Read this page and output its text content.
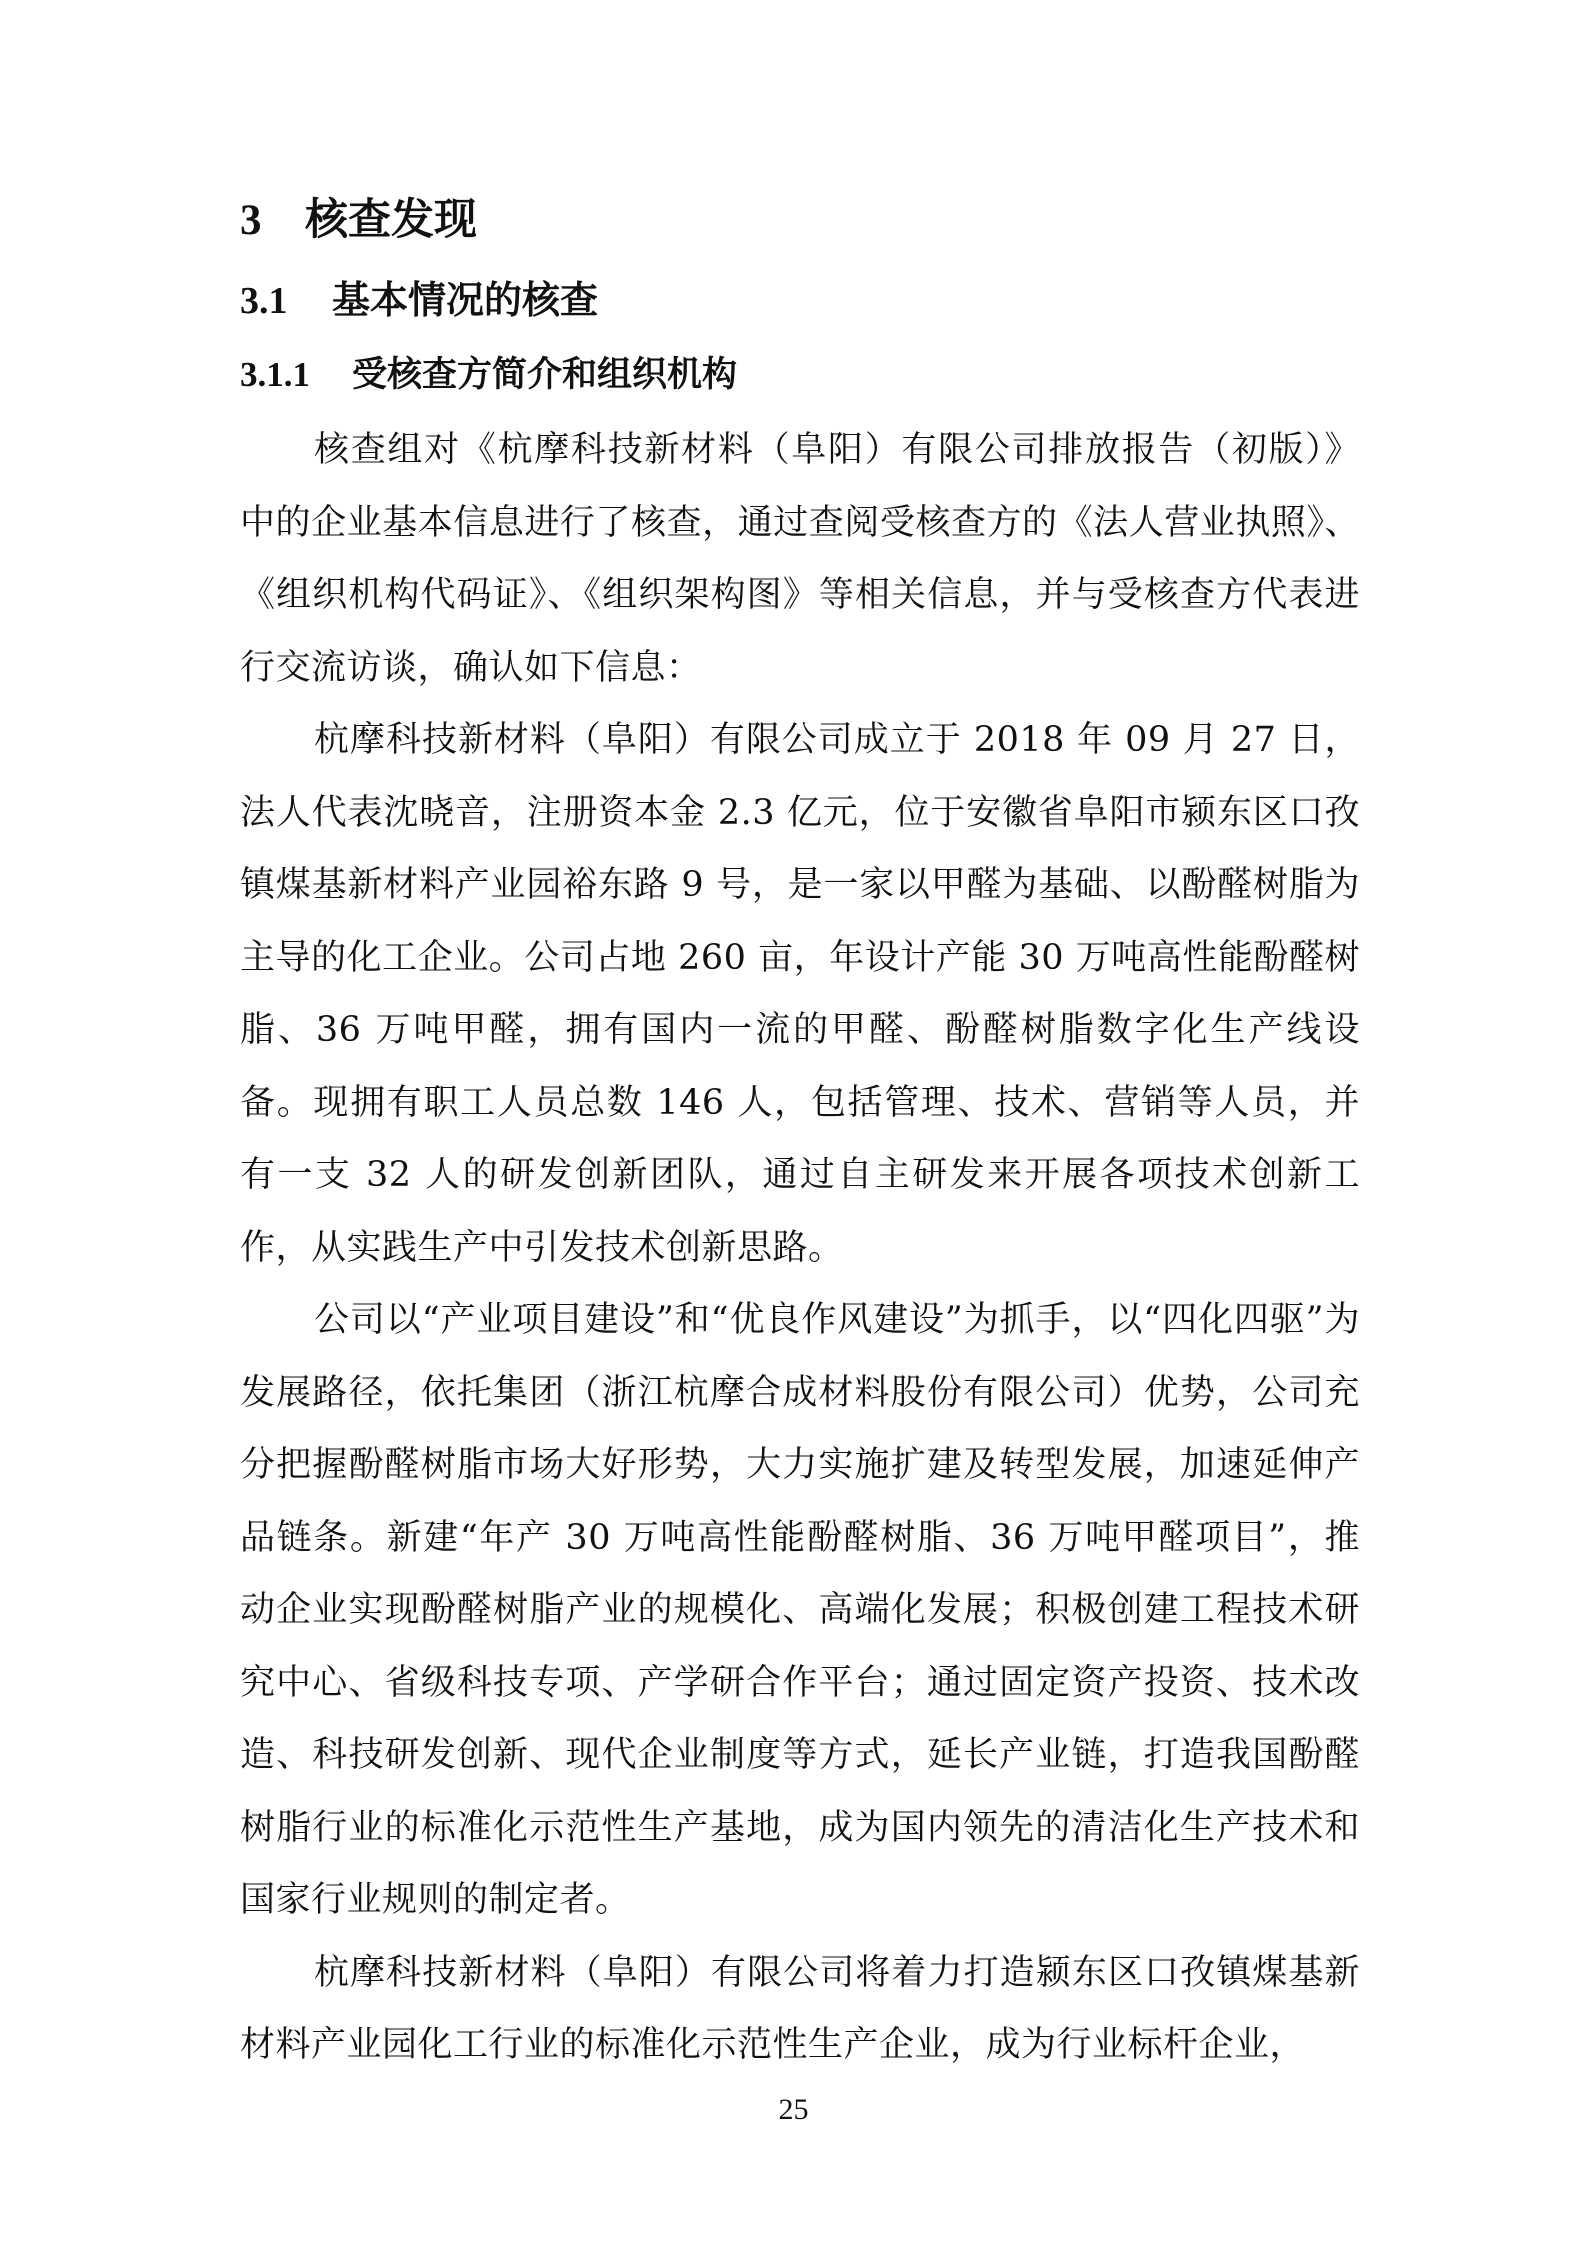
3 核查发现
3.1 基本情况的核查
3.1.1 受核查方简介和组织机构

核查组对《杭摩科技新材料（阜阳）有限公司排放报告（初版）》中的企业基本信息进行了核查，通过查阅受核查方的《法人营业执照》、《组织机构代码证》、《组织架构图》等相关信息，并与受核查方代表进行交流访谈，确认如下信息：

杭摩科技新材料（阜阳）有限公司成立于 2018 年 09 月 27 日，法人代表沈晓音，注册资本金 2.3 亿元，位于安徽省阜阳市颍东区口孜镇煤基新材料产业园裕东路 9 号，是一家以甲醛为基础、以酚醛树脂为主导的化工企业。公司占地 260 亩，年设计产能 30 万吨高性能酚醛树脂、36 万吨甲醛，拥有国内一流的甲醛、酚醛树脂数字化生产线设备。现拥有职工人员总数 146 人，包括管理、技术、营销等人员，并有一支 32 人的研发创新团队，通过自主研发来开展各项技术创新工作，从实践生产中引发技术创新思路。

公司以“产业项目建设”和“优良作风建设”为抓手，以“四化四驱”为发展路径，依托集团（浙江杭摩合成材料股份有限公司）优势，公司充分把握酚醛树脂市场大好形势，大力实施扩建及转型发展，加速延伸产品链条。新建“年产 30 万吨高性能酚醛树脂、36 万吨甲醛项目”，推动企业实现酚醛树脂产业的规模化、高端化发展；积极创建工程技术研究中心、省级科技专项、产学研合作平台；通过固定资产投资、技术改造、科技研发创新、现代企业制度等方式，延长产业链，打造我国酚醛树脂行业的标准化示范性生产基地，成为国内领先的清洁化生产技术和国家行业规则的制定者。

杭摩科技新材料（阜阳）有限公司将着力打造颍东区口孜镇煤基新材料产业园化工行业的标准化示范性生产企业，成为行业标杆企业，

25
